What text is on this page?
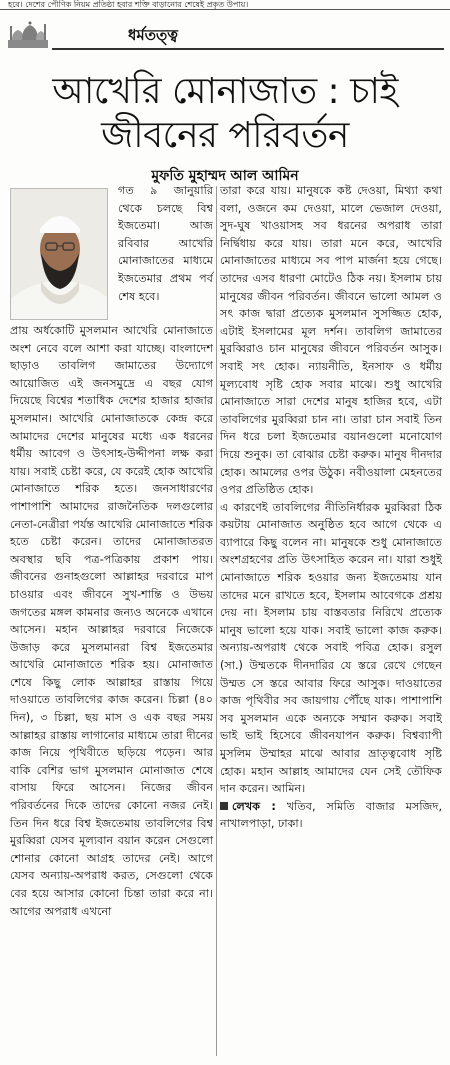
হবে। দেশের পৌণিক নিয়ম প্রতিষ্ঠা হবার শক্তি বাড়ানোর শেষেই প্রকৃত উপায়।
ধর্মতত্ত্ব
আখেরি মোনাজাত : চাই
জীবনের পরিবর্তন
মুফতি মুহাম্মদ আল আমিন

গত ৯ জানুয়ারি থেকে চলছে বিশ্ব ইজতেমা। আজ রবিবার আখেরি মোনাজাতের মাধ্যমে ইজতেমার প্রথম পর্ব শেষ হবে।

প্রায় অর্ধকোটি মুসলমান আখেরি মোনাজাতে অংশ নেবে বলে আশা করা যাচ্ছে। বাংলাদেশ ছাড়াও তাবলিগ জামাতের উদ্যোগে আয়োজিত এই জনসমুদ্রে এ বছর যোগ দিয়েছে বিশ্বের শতাধিক দেশের হাজার হাজার মুসলমান। আখেরি মোনাজাতকে কেন্দ্র করে আমাদের দেশের মানুষের মধ্যে এক ধরনের ধর্মীয় আবেগ ও উৎসাহ-উদ্দীপনা লক্ষ করা যায়। সবাই চেষ্টা করে, যে করেই হোক আখেরি মোনাজাতে শরিক হতে। জনসাধারণের পাশাপাশি আমাদের রাজনৈতিক দলগুলোর নেতা-নেত্রীরা পর্যন্ত আখেরি মোনাজাতে শরিক হতে চেষ্টা করেন। তাদের মোনাজাতরত অবস্থার ছবি পত্র-পত্রিকায় প্রকাশ পায়। জীবনের গুনাহগুলো আল্লাহর দরবারে মাপ চাওয়ার এবং জীবনে সুখ-শান্তি ও উভয় জগতের মঙ্গল কামনার জন্যও অনেকে এখানে আসেন। মহান আল্লাহর দরবারে নিজেকে উজাড় করে মুসলমানরা বিশ্ব ইজতেমার আখেরি মোনাজাতে শরিক হয়। মোনাজাত শেষে কিছু লোক আল্লাহর রাস্তায় গিয়ে দাওয়াতে তাবলিগের কাজ করেন। চিল্লা (৪০ দিন), ৩ চিল্লা, ছয় মাস ও এক বছর সময় আল্লাহর রাস্তায় লাগানোর মাধ্যমে তারা দীনের কাজ নিয়ে পৃথিবীতে ছড়িয়ে পড়েন। আর বাকি বেশির ভাগ মুসলমান মোনাজাত শেষে বাসায় ফিরে আসেন। নিজের জীবন পরিবর্তনের দিকে তাদের কোনো নজর নেই। তিন দিন ধরে বিশ্ব ইজতেমায় তাবলিগের বিশ্ব মুরব্বিরা যেসব মূল্যবান বয়ান করেন সেগুলো শোনার কোনো আগ্রহ তাদের নেই। আগে যেসব অন্যায়-অপরাধ করত, সেগুলো থেকে বের হয়ে আসার কোনো চিন্তা তারা করে না। আগের অপরাধ এখনো

তারা করে যায়। মানুষকে কষ্ট দেওয়া, মিথ্যা কথা বলা, ওজনে কম দেওয়া, মালে ভেজাল দেওয়া, সুদ-ঘুষ খাওয়াসহ সব ধরনের অপরাধ তারা নির্দ্বিধায় করে যায়। তারা মনে করে, আখেরি মোনাজাতের মাধ্যমে সব পাপ মার্জনা হয়ে গেছে। তাদের এসব ধারণা মোটেও ঠিক নয়। ইসলাম চায় মানুষের জীবন পরিবর্তন। জীবনে ভালো আমল ও সৎ কাজ দ্বারা প্রত্যেক মুসলমান সুসজ্জিত হোক, এটাই ইসলামের মূল দর্শন। তাবলিগ জামাতের মুরব্বিরাও চান মানুষের জীবনে পরিবর্তন আসুক। সবাই সৎ হোক। ন্যায়নীতি, ইনসাফ ও ধর্মীয় মূল্যবোধ সৃষ্টি হোক সবার মাঝে। শুধু আখেরি মোনাজাতে সারা দেশের মানুষ হাজির হবে, এটা তাবলিগের মুরব্বিরা চান না। তারা চান সবাই তিন দিন ধরে চলা ইজতেমার বয়ানগুলো মনোযোগ দিয়ে শুনুক। তা বোঝার চেষ্টা করুক। মানুষ দীনদার হোক। আমলের ওপর উঠুক। নবীওয়ালা মেহনতের ওপর প্রতিষ্ঠিত হোক।

এ কারণেই তাবলিগের নীতিনির্ধারক মুরব্বিরা ঠিক কয়টায় মোনাজাত অনুষ্ঠিত হবে আগে থেকে এ ব্যাপারে কিছু বলেন না। মানুষকে শুধু মোনাজাতে অংশগ্রহণের প্রতি উৎসাহিত করেন না। যারা শুধুই মোনাজাতে শরিক হওয়ার জন্য ইজতেমায় যান তাদের মনে রাখতে হবে, ইসলাম আবেগকে প্রশ্রয় দেয় না। ইসলাম চায় বাস্তবতার নিরিখে প্রত্যেক মানুষ ভালো হয়ে যাক। সবাই ভালো কাজ করুক। অন্যায়-অপরাধ থেকে সবাই পবিত্র হোক। রসুল (সা.) উম্মতকে দীনদারির যে স্তরে রেখে গেছেন উম্মত সে স্তরে আবার ফিরে আসুক। দাওয়াতের কাজ পৃথিবীর সব জায়গায় পৌঁছে যাক। পাশাপাশি সব মুসলমান একে অন্যকে সম্মান করুক। সবাই ভাই ভাই হিসেবে জীবনযাপন করুক। বিশ্বব্যাপী মুসলিম উম্মাহর মাঝে আবার ভ্রাতৃত্ববোধ সৃষ্টি হোক। মহান আল্লাহ আমাদের যেন সেই তৌফিক দান করেন। আমিন।

লেখক : খতিব, সমিতি বাজার মসজিদ, নাখালপাড়া, ঢাকা।
